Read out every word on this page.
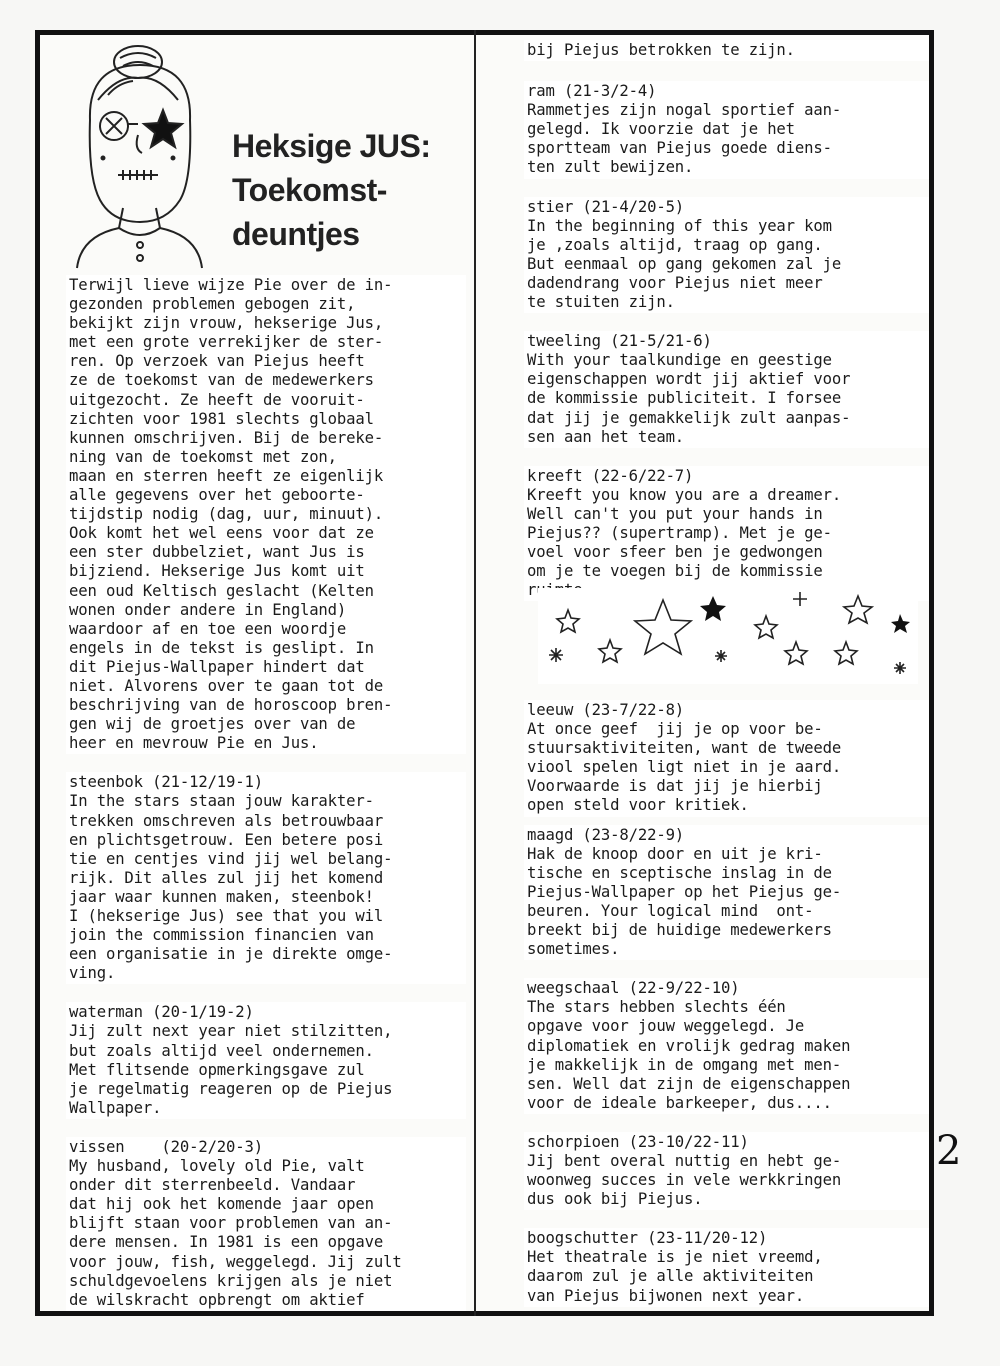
Heksige JUS:
Toekomst-
deuntjes
Terwijl lieve wijze Pie over de in-
gezonden problemen gebogen zit,
bekijkt zijn vrouw, hekserige Jus,
met een grote verrekijker de ster-
ren. Op verzoek van Piejus heeft
ze de toekomst van de medewerkers
uitgezocht. Ze heeft de vooruit-
zichten voor 1981 slechts globaal
kunnen omschrijven. Bij de bereke-
ning van de toekomst met zon,
maan en sterren heeft ze eigenlijk
alle gegevens over het geboorte-
tijdstip nodig (dag, uur, minuut).
Ook komt het wel eens voor dat ze
een ster dubbelziet, want Jus is
bijziend. Hekserige Jus komt uit
een oud Keltisch geslacht (Kelten
wonen onder andere in England)
waardoor af en toe een woordje
engels in de tekst is geslipt. In
dit Piejus-Wallpaper hindert dat
niet. Alvorens over te gaan tot de
beschrijving van de horoscoop bren-
gen wij de groetjes over van de
heer en mevrouw Pie en Jus.
steenbok (21-12/19-1)
In the stars staan jouw karakter-
trekken omschreven als betrouwbaar
en plichtsgetrouw. Een betere posi
tie en centjes vind jij wel belang-
rijk. Dit alles zul jij het komend
jaar waar kunnen maken, steenbok!
I (hekserige Jus) see that you wil
join the commission financien van
een organisatie in je direkte omge-
ving.
waterman (20-1/19-2)
Jij zult next year niet stilzitten,
but zoals altijd veel ondernemen.
Met flitsende opmerkingsgave zul
je regelmatig reageren op de Piejus
Wallpaper.
vissen    (20-2/20-3)
My husband, lovely old Pie, valt
onder dit sterrenbeeld. Vandaar
dat hij ook het komende jaar open
blijft staan voor problemen van an-
dere mensen. In 1981 is een opgave
voor jouw, fish, weggelegd. Jij zult
schuldgevoelens krijgen als je niet
de wilskracht opbrengt om aktief
bij Piejus betrokken te zijn.
ram (21-3/2-4)
Rammetjes zijn nogal sportief aan-
gelegd. Ik voorzie dat je het
sportteam van Piejus goede diens-
ten zult bewijzen.
stier (21-4/20-5)
In the beginning of this year kom
je ,zoals altijd, traag op gang.
But eenmaal op gang gekomen zal je
dadendrang voor Piejus niet meer
te stuiten zijn.
tweeling (21-5/21-6)
With your taalkundige en geestige
eigenschappen wordt jij aktief voor
de kommissie publiciteit. I forsee
dat jij je gemakkelijk zult aanpas-
sen aan het team.
kreeft (22-6/22-7)
Kreeft you know you are a dreamer.
Well can't you put your hands in
Piejus?? (supertramp). Met je ge-
voel voor sfeer ben je gedwongen
om je te voegen bij de kommissie
ruimte.
leeuw (23-7/22-8)
At once geef  jij je op voor be-
stuursaktiviteiten, want de tweede
viool spelen ligt niet in je aard.
Voorwaarde is dat jij je hierbij
open steld voor kritiek.
maagd (23-8/22-9)
Hak de knoop door en uit je kri-
tische en sceptische inslag in de
Piejus-Wallpaper op het Piejus ge-
beuren. Your logical mind  ont-
breekt bij de huidige medewerkers
sometimes.
weegschaal (22-9/22-10)
The stars hebben slechts één
opgave voor jouw weggelegd. Je
diplomatiek en vrolijk gedrag maken
je makkelijk in de omgang met men-
sen. Well dat zijn de eigenschappen
voor de ideale barkeeper, dus....
schorpioen (23-10/22-11)
Jij bent overal nuttig en hebt ge-
woonweg succes in vele werkkringen
dus ook bij Piejus.
boogschutter (23-11/20-12)
Het theatrale is je niet vreemd,
daarom zul je alle aktiviteiten
van Piejus bijwonen next year.
2
